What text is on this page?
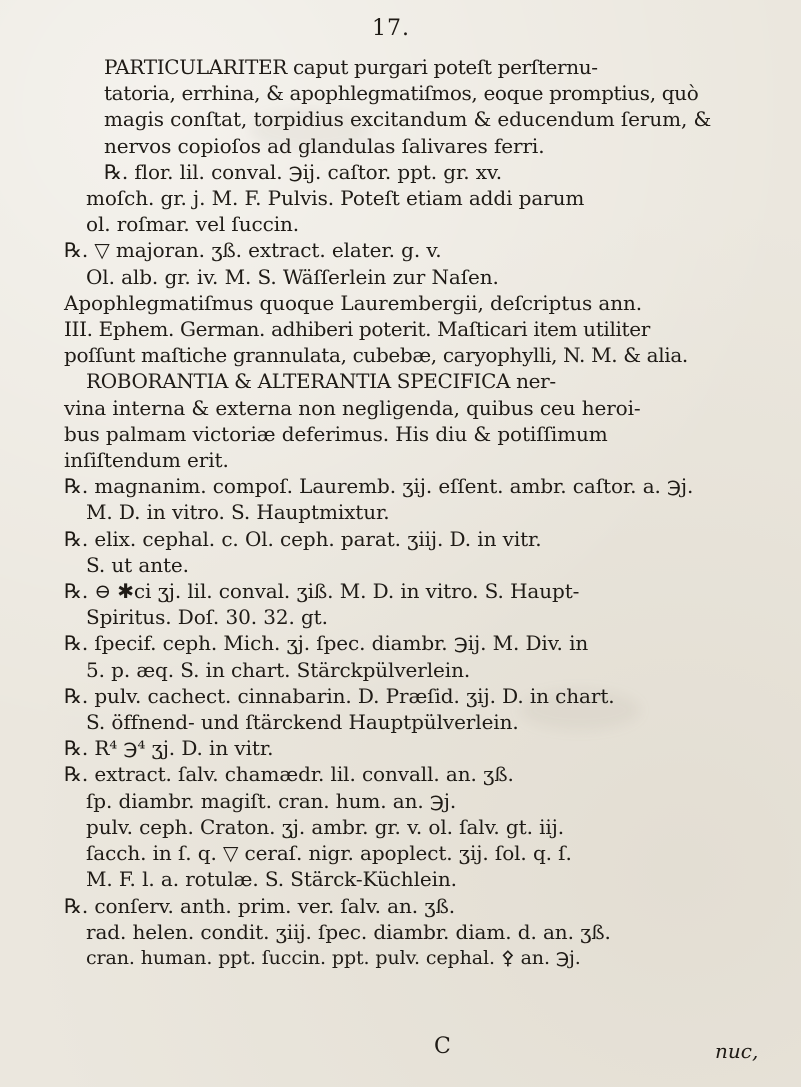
17.
PARTICULARITER caput purgari poteſt perſternu-
tatoria, errhina, & apophlegmatiſmos, eoque promptius, quò
magis conſtat, torpidius excitandum & educendum ſerum, &
nervos copioſos ad glandulas ſalivares ferri.
℞. flor. lil. conval. ℈ij. caſtor. ppt. gr. xv.
moſch. gr. j. M. F. Pulvis. Poteſt etiam addi parum
ol. roſmar. vel ſuccin.
℞. ▽ majoran. ʒß. extract. elater. g. v.
Ol. alb. gr. iv. M. S. Wäſſerlein zur Naſen.
Apophlegmatiſmus quoque Laurembergii, deſcriptus ann.
III. Ephem. German. adhiberi poterit. Maſticari item utiliter
poſſunt maſtiche grannulata, cubebæ, caryophylli, N. M. & alia.
ROBORANTIA & ALTERANTIA SPECIFICA ner-
vina interna & externa non negligenda, quibus ceu heroi-
bus palmam victoriæ deferimus. His diu & potiſſimum
inſiſtendum erit.
℞. magnanim. compoſ. Lauremb. ʒij. eſſent. ambr. caſtor. a. ℈j.
M. D. in vitro. S. Hauptmixtur.
℞. elix. cephal. c. Ol. ceph. parat. ʒiij. D. in vitr.
S. ut ante.
℞. ⊖ ✱ci ʒj. lil. conval. ʒiß. M. D. in vitro. S. Haupt-
Spiritus. Doſ. 30. 32. gt.
℞. ſpecif. ceph. Mich. ʒj. ſpec. diambr. ℈ij. M. Div. in
5. p. æq. S. in chart. Stärckpülverlein.
℞. pulv. cachect. cinnabarin. D. Præſid. ʒij. D. in chart.
S. öffnend- und ſtärckend Hauptpülverlein.
℞. R⁴ ℈⁴ ʒj. D. in vitr.
℞. extract. ſalv. chamædr. lil. convall. an. ʒß.
ſp. diambr. magiſt. cran. hum. an. ℈j.
pulv. ceph. Craton. ʒj. ambr. gr. v. ol. ſalv. gt. iij.
ſacch. in ſ. q. ▽ ceraſ. nigr. apoplect. ʒij. ſol. q. ſ.
M. F. l. a. rotulæ. S. Stärck-Küchlein.
℞. conſerv. anth. prim. ver. ſalv. an. ʒß.
rad. helen. condit. ʒiij. ſpec. diambr. diam. d. an. ʒß.
cran. human. ppt. ſuccin. ppt. pulv. cephal. ⚴ an. ℈j.
C	nuc,
